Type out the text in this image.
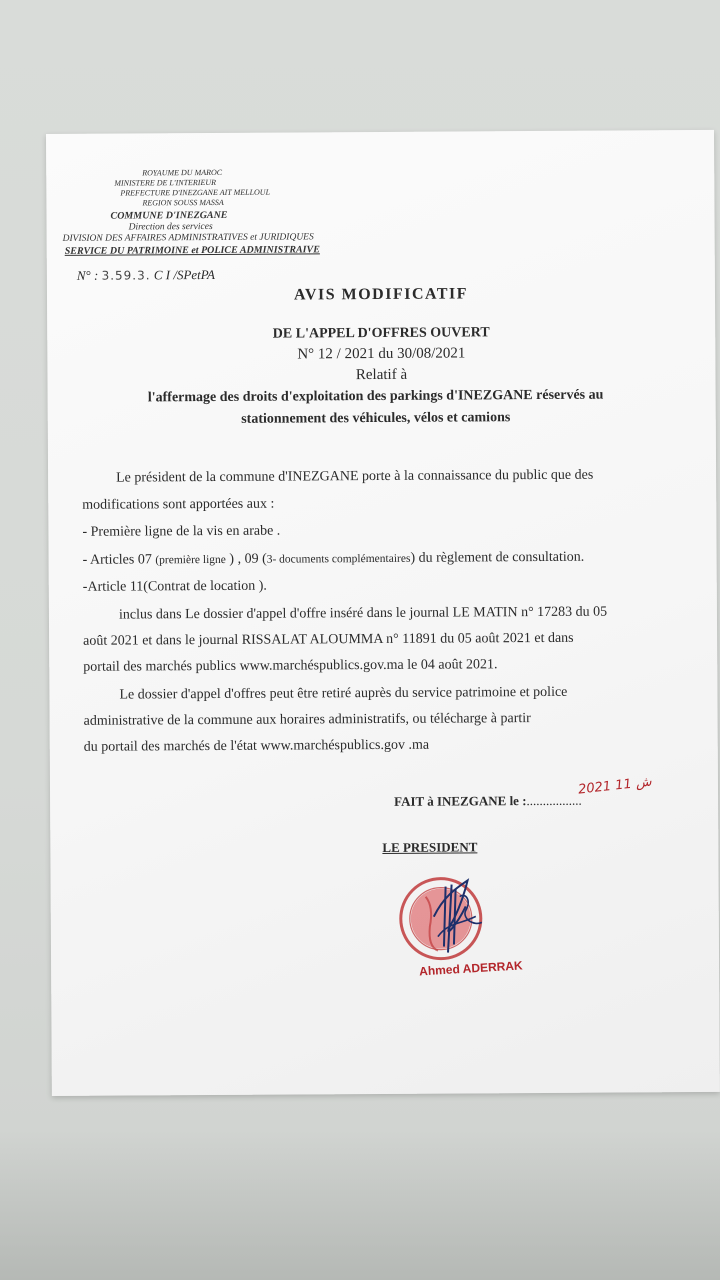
ROYAUME DU MAROC
MINISTERE DE L'INTERIEUR
PREFECTURE D'INEZGANE AIT MELLOUL
REGION SOUSS MASSA
COMMUNE D'INEZGANE
Direction des services
DIVISION DES AFFAIRES ADMINISTRATIVES et JURIDIQUES
SERVICE DU PATRIMOINE et POLICE ADMINISTRAIVE
N° : 3.59.3. C I /SPetPA
AVIS MODIFICATIF
DE L'APPEL D'OFFRES OUVERT
N° 12 / 2021 du 30/08/2021
Relatif à
l'affermage des droits d'exploitation des parkings d'INEZGANE réservés au
stationnement des véhicules, vélos et camions
Le président de la commune d'INEZGANE porte à la connaissance du public que des
modifications sont apportées aux :
- Première ligne de la vis en arabe .
- Articles 07 (première ligne ) , 09 (3- documents complémentaires) du règlement de consultation.
-Article 11(Contrat de location ).
inclus dans Le dossier d'appel d'offre inséré dans le journal LE MATIN n° 17283 du 05
août 2021 et dans le journal RISSALAT ALOUMMA n° 11891 du 05 août 2021 et dans
portail des marchés publics www.marchéspublics.gov.ma le 04 août 2021.
Le dossier d'appel d'offres peut être retiré auprès du service patrimoine et police
administrative de la commune aux horaires administratifs, ou télécharge à partir
du portail des marchés de l'état www.marchéspublics.gov .ma
FAIT à INEZGANE le :.................
2021 ش 11
LE PRESIDENT
Ahmed ADERRAK
